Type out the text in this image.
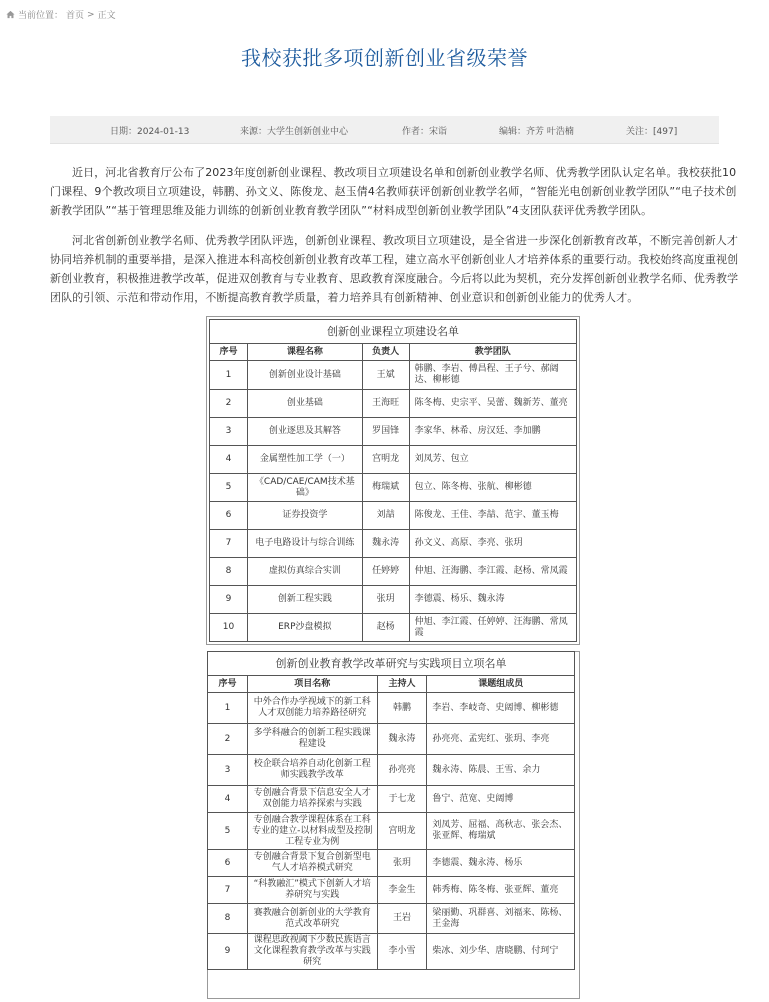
当前位置： 首页 > 正文
我校获批多项创新创业省级荣誉
日期：2024-01-13	来源：大学生创新创业中心	作者：宋诣	编辑：齐芳 叶浩楠	关注：[497]
近日，河北省教育厅公布了2023年度创新创业课程、教改项目立项建设名单和创新创业教学名师、优秀教学团队认定名单。我校获批10门课程、9个教改项目立项建设，韩鹏、孙文义、陈俊龙、赵玉倩4名教师获评创新创业教学名师，“智能光电创新创业教学团队”“电子技术创新教学团队”“基于管理思维及能力训练的创新创业教育教学团队”“材料成型创新创业教学团队”4支团队获评优秀教学团队。
河北省创新创业教学名师、优秀教学团队评选，创新创业课程、教改项目立项建设，是全省进一步深化创新教育改革，不断完善创新人才协同培养机制的重要举措，是深入推进本科高校创新创业教育改革工程，建立高水平创新创业人才培养体系的重要行动。我校始终高度重视创新创业教育，积极推进教学改革，促进双创教育与专业教育、思政教育深度融合。今后将以此为契机，充分发挥创新创业教学名师、优秀教学团队的引领、示范和带动作用，不断提高教育教学质量，着力培养具有创新精神、创业意识和创新创业能力的优秀人才。
创新创业课程立项建设名单			
序号	课程名称	负责人	教学团队
1	创新创业设计基础	王斌	韩鹏、李岩、傅昌程、王子兮、郝阔达、柳彬德
2	创业基础	王海旺	陈冬梅、史宗平、吴蕾、魏新芳、董亮
3	创业逐思及其解答	罗国锋	李家华、林希、房汉廷、李加鹏
4	金属塑性加工学（一）	宫明龙	刘凤芳、包立
5	《CAD/CAE/CAM技术基础》	梅瑞斌	包立、陈冬梅、张航、柳彬德
6	证券投资学	刘喆	陈俊龙、王佳、李喆、范宇、董玉梅
7	电子电路设计与综合训练	魏永涛	孙文义、高原、李亮、张玥
8	虚拟仿真综合实训	任婷婷	仲旭、汪海鹏、李江霞、赵杨、常凤霞
9	创新工程实践	张玥	李德震、杨乐、魏永涛
10	ERP沙盘模拟	赵杨	仲旭、李江霞、任婷婷、汪海鹏、常凤霞
创新创业教育教学改革研究与实践项目立项名单			
序号	项目名称	主持人	课题组成员
1	中外合作办学视域下的新工科人才双创能力培养路径研究	韩鹏	李岩、李岐奇、史阔博、柳彬德
2	多学科融合的创新工程实践课程建设	魏永涛	孙亮亮、孟宪红、张玥、李亮
3	校企联合培养自动化创新工程师实践教学改革	孙亮亮	魏永涛、陈晨、王雪、余力
4	专创融合背景下信息安全人才双创能力培养探索与实践	于七龙	鲁宁、范宽、史阔博
5	专创融合教学课程体系在工科专业的建立-以材料成型及控制工程专业为例	宫明龙	刘凤芳、屈福、高秋志、张会杰、张亚辉、梅瑞斌
6	专创融合背景下复合创新型电气人才培养模式研究	张玥	李德震、魏永涛、杨乐
7	“科教融汇”模式下创新人才培养研究与实践	李金生	韩秀梅、陈冬梅、张亚辉、董亮
8	赛教融合创新创业的大学教育范式改革研究	王岩	梁丽勤、巩群喜、刘福来、陈杨、王金海
9	课程思政视阈下少数民族语言文化课程教育教学改革与实践研究	李小雪	柴冰、刘少华、唐晓鹏、付珂宁
